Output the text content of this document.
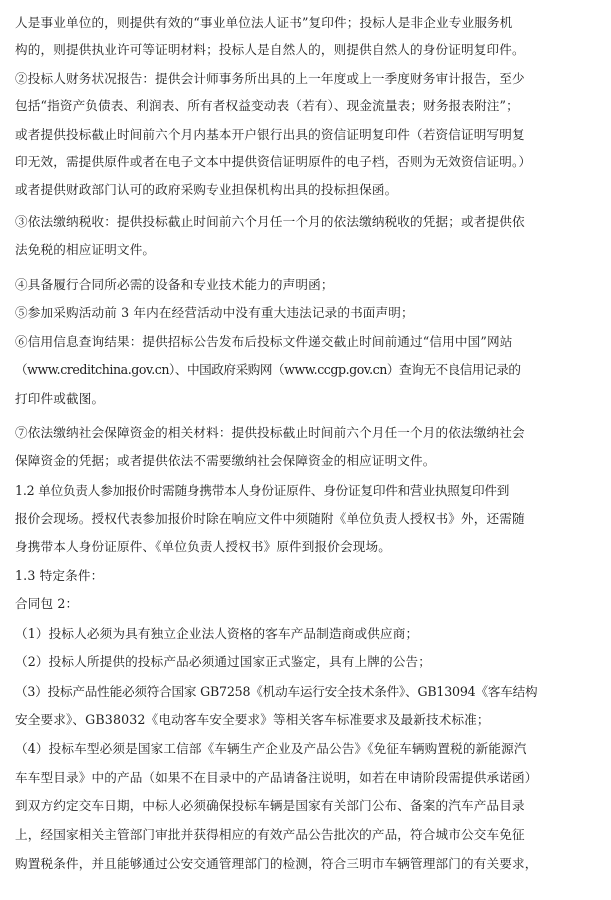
人是事业单位的，则提供有效的“事业单位法人证书”复印件；投标人是非企业专业服务机
构的，则提供执业许可等证明材料；投标人是自然人的，则提供自然人的身份证明复印件。
②投标人财务状况报告：提供会计师事务所出具的上一年度或上一季度财务审计报告，至少
包括“指资产负债表、利润表、所有者权益变动表（若有）、现金流量表；财务报表附注”；
或者提供投标截止时间前六个月内基本开户银行出具的资信证明复印件（若资信证明写明复
印无效，需提供原件或者在电子文本中提供资信证明原件的电子档，否则为无效资信证明。）
或者提供财政部门认可的政府采购专业担保机构出具的投标担保函。
③依法缴纳税收：提供投标截止时间前六个月任一个月的依法缴纳税收的凭据；或者提供依
法免税的相应证明文件。
④具备履行合同所必需的设备和专业技术能力的声明函；
⑤参加采购活动前 3 年内在经营活动中没有重大违法记录的书面声明；
⑥信用信息查询结果：提供招标公告发布后投标文件递交截止时间前通过“信用中国”网站
（www.creditchina.gov.cn）、中国政府采购网（www.ccgp.gov.cn）查询无不良信用记录的
打印件或截图。
⑦依法缴纳社会保障资金的相关材料：提供投标截止时间前六个月任一个月的依法缴纳社会
保障资金的凭据；或者提供依法不需要缴纳社会保障资金的相应证明文件。
1.2 单位负责人参加报价时需随身携带本人身份证原件、身份证复印件和营业执照复印件到
报价会现场。授权代表参加报价时除在响应文件中须随附《单位负责人授权书》外，还需随
身携带本人身份证原件、《单位负责人授权书》原件到报价会现场。
1.3 特定条件：
合同包 2：
（1）投标人必须为具有独立企业法人资格的客车产品制造商或供应商；
（2）投标人所提供的投标产品必须通过国家正式鉴定，具有上牌的公告；
（3）投标产品性能必须符合国家 GB7258《机动车运行安全技术条件》、GB13094《客车结构
安全要求》、GB38032《电动客车安全要求》等相关客车标准要求及最新技术标准；
（4）投标车型必须是国家工信部《车辆生产企业及产品公告》《免征车辆购置税的新能源汽
车车型目录》中的产品（如果不在目录中的产品请备注说明，如若在申请阶段需提供承诺函）
到双方约定交车日期，中标人必须确保投标车辆是国家有关部门公布、备案的汽车产品目录
上，经国家相关主管部门审批并获得相应的有效产品公告批次的产品，符合城市公交车免征
购置税条件，并且能够通过公安交通管理部门的检测，符合三明市车辆管理部门的有关要求，
